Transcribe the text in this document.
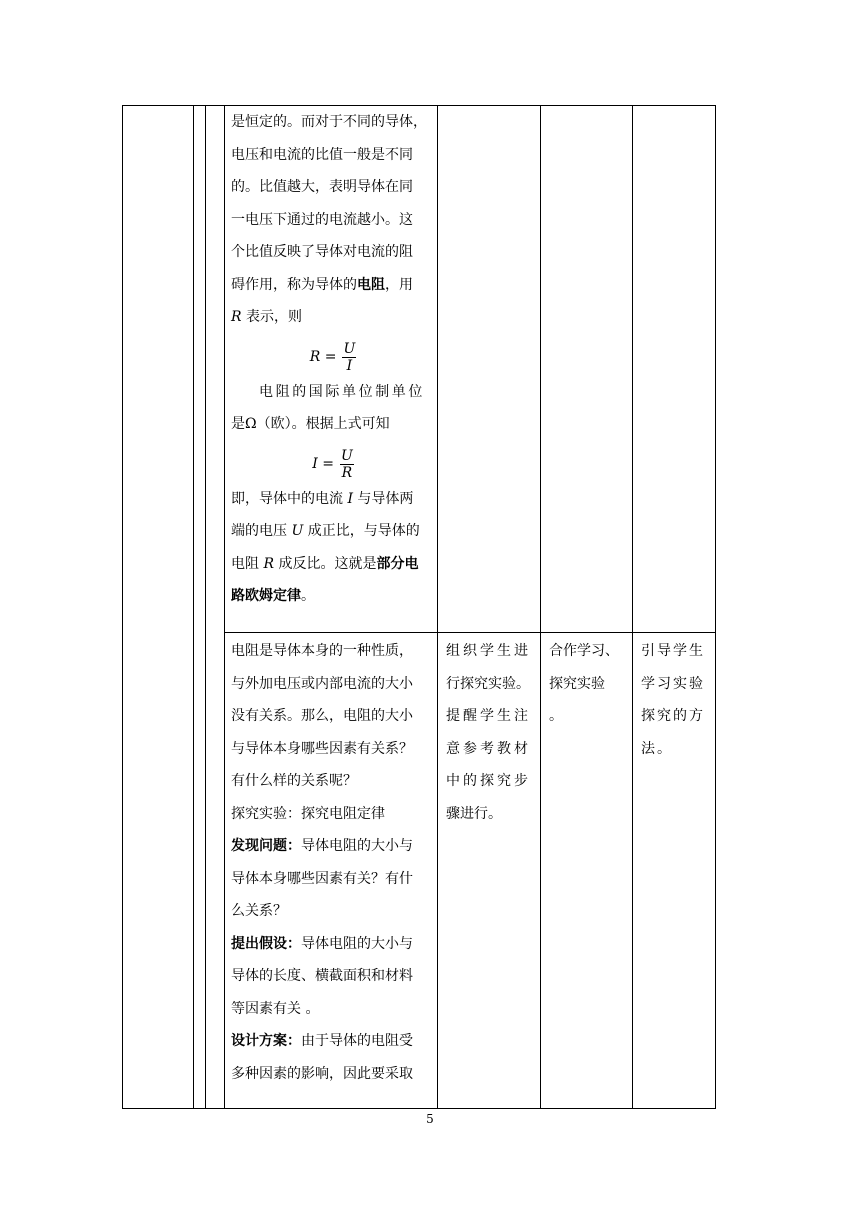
是恒定的。而对于不同的导体，

电压和电流的比值一般是不同

的。比值越大，表明导体在同

一电压下通过的电流越小。这

个比值反映了导体对电流的阻

碍作用，称为导体的电阻，用

R 表示，则

$R = \frac{U}{I}$

电阻的国际单位制单位

是Ω（欧）。根据上式可知

$I = \frac{U}{R}$

即，导体中的电流 I 与导体两

端的电压 U 成正比，与导体的

电阻 R 成反比。这就是部分电

路欧姆定律。

电阻是导体本身的一种性质，

与外加电压或内部电流的大小

没有关系。那么，电阻的大小

与导体本身哪些因素有关系？

有什么样的关系呢？

探究实验：探究电阻定律

发现问题：导体电阻的大小与

导体本身哪些因素有关？有什

么关系？

提出假设：导体电阻的大小与

导体的长度、横截面积和材料

等因素有关 。

设计方案：由于导体的电阻受

多种因素的影响，因此要采取

组织学生进

行探究实验。

提醒学生注

意参考教材

中的探究步

骤进行。

合作学习、

探究实验

。

引导学生

学习实验

探究的方

法。

5
